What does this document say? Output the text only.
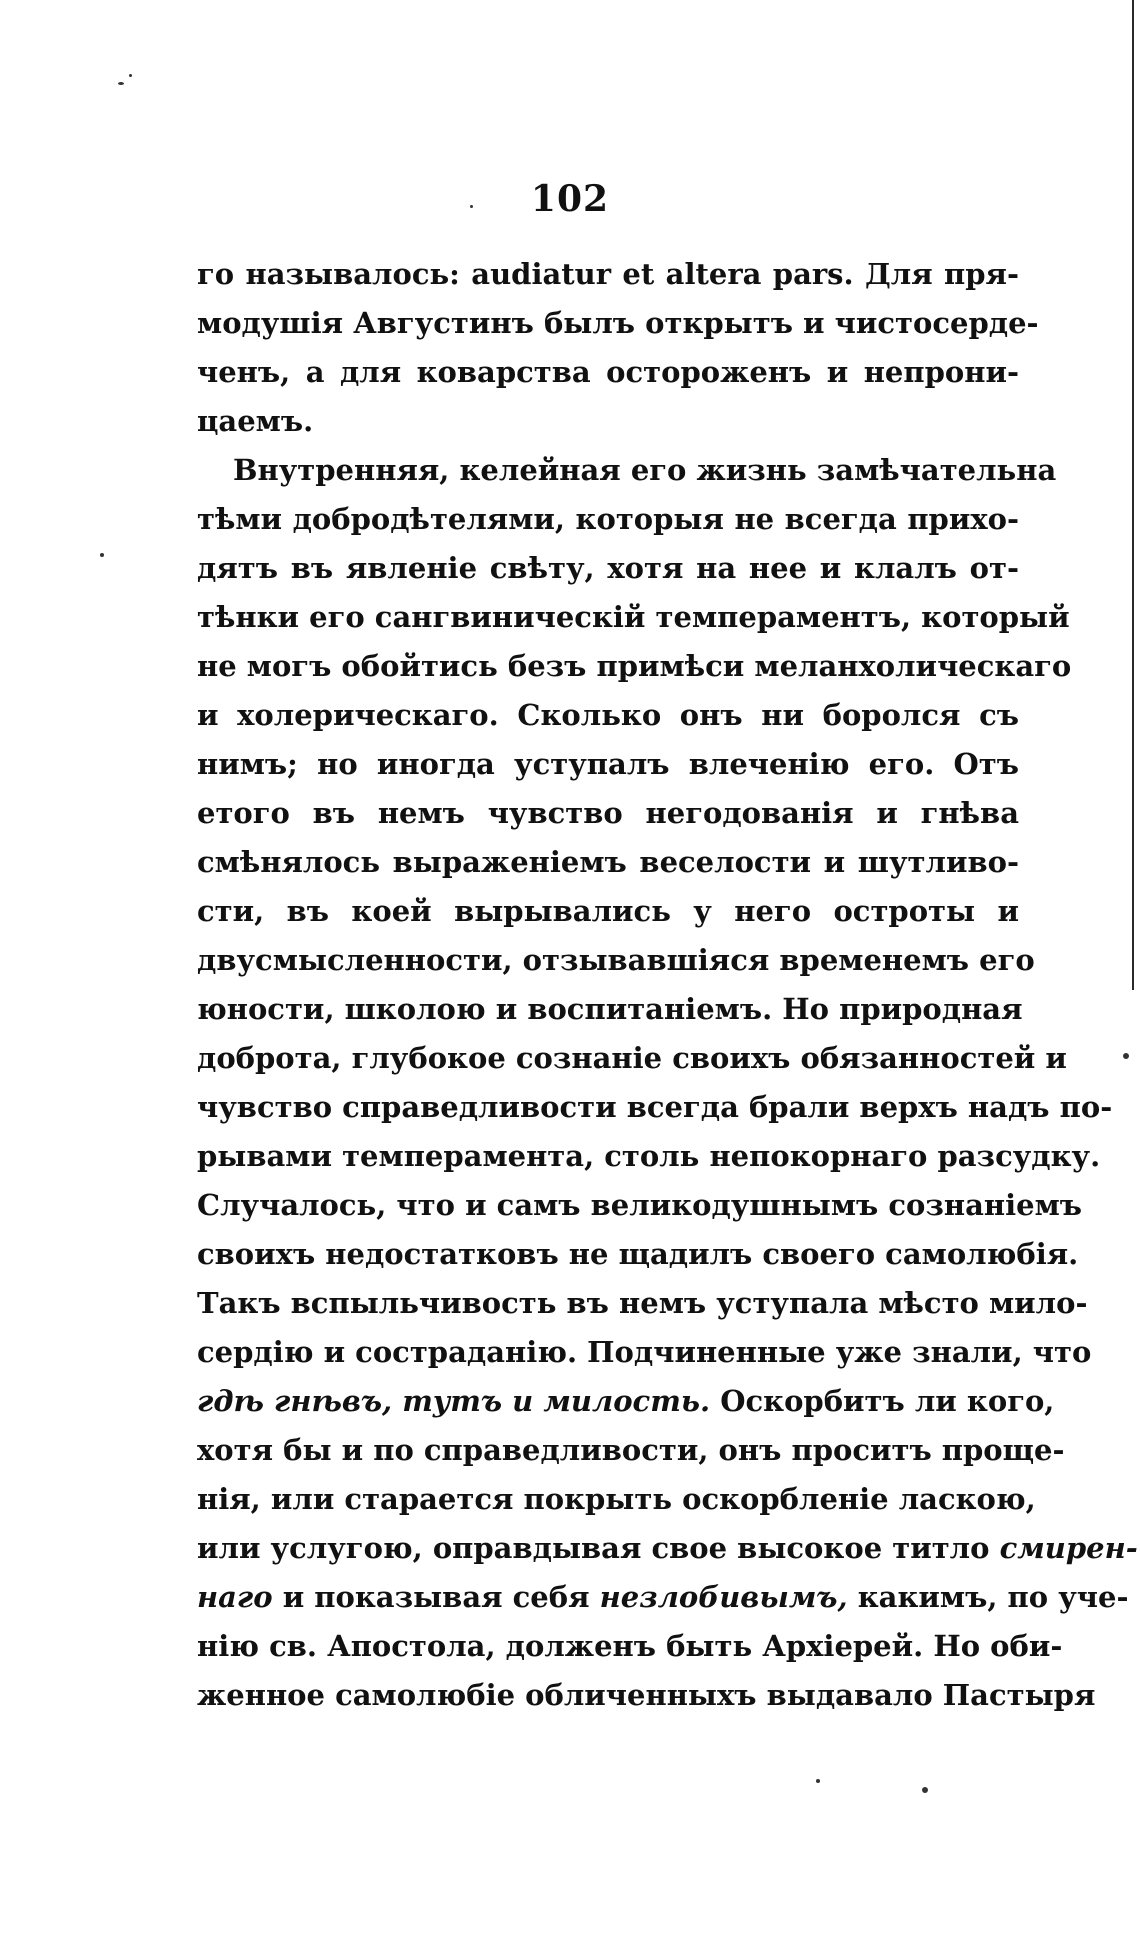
102
го называлось: audiatur et altera pars. Для пря-
модушія Августинъ былъ открытъ и чистосерде-
ченъ, а для коварства остороженъ и непрони-
цаемъ.
Внутренняя, келейная его жизнь замѣчательна
тѣми добродѣтелями, которыя не всегда прихо-
дятъ въ явленіе свѣту, хотя на нее и клалъ от-
тѣнки его сангвиническій темпераментъ, который
не могъ обойтись безъ примѣси меланхолическаго
и холерическаго. Сколько онъ ни боролся съ
нимъ; но иногда уступалъ влеченію его. Отъ
етого въ немъ чувство негодованія и гнѣва
смѣнялось выраженіемъ веселости и шутливо-
сти, въ коей вырывались у него остроты и
двусмысленности, отзывавшіяся временемъ его
юности, школою и воспитаніемъ. Но природная
доброта, глубокое сознаніе своихъ обязанностей и
чувство справедливости всегда брали верхъ надъ по-
рывами темперамента, столь непокорнаго разсудку.
Случалось, что и самъ великодушнымъ сознаніемъ
своихъ недостатковъ не щадилъ своего самолюбія.
Такъ вспыльчивость въ немъ уступала мѣсто мило-
сердію и состраданію. Подчиненные уже знали, что
гдѣ гнѣвъ, тутъ и милость. Оскорбитъ ли кого,
хотя бы и по справедливости, онъ проситъ проще-
нія, или старается покрыть оскорбленіе ласкою,
или услугою, оправдывая свое высокое титло смирен-
наго и показывая себя незлобивымъ, какимъ, по уче-
нію св. Апостола, долженъ быть Архіерей. Но оби-
женное самолюбіе обличенныхъ выдавало Пастыря
